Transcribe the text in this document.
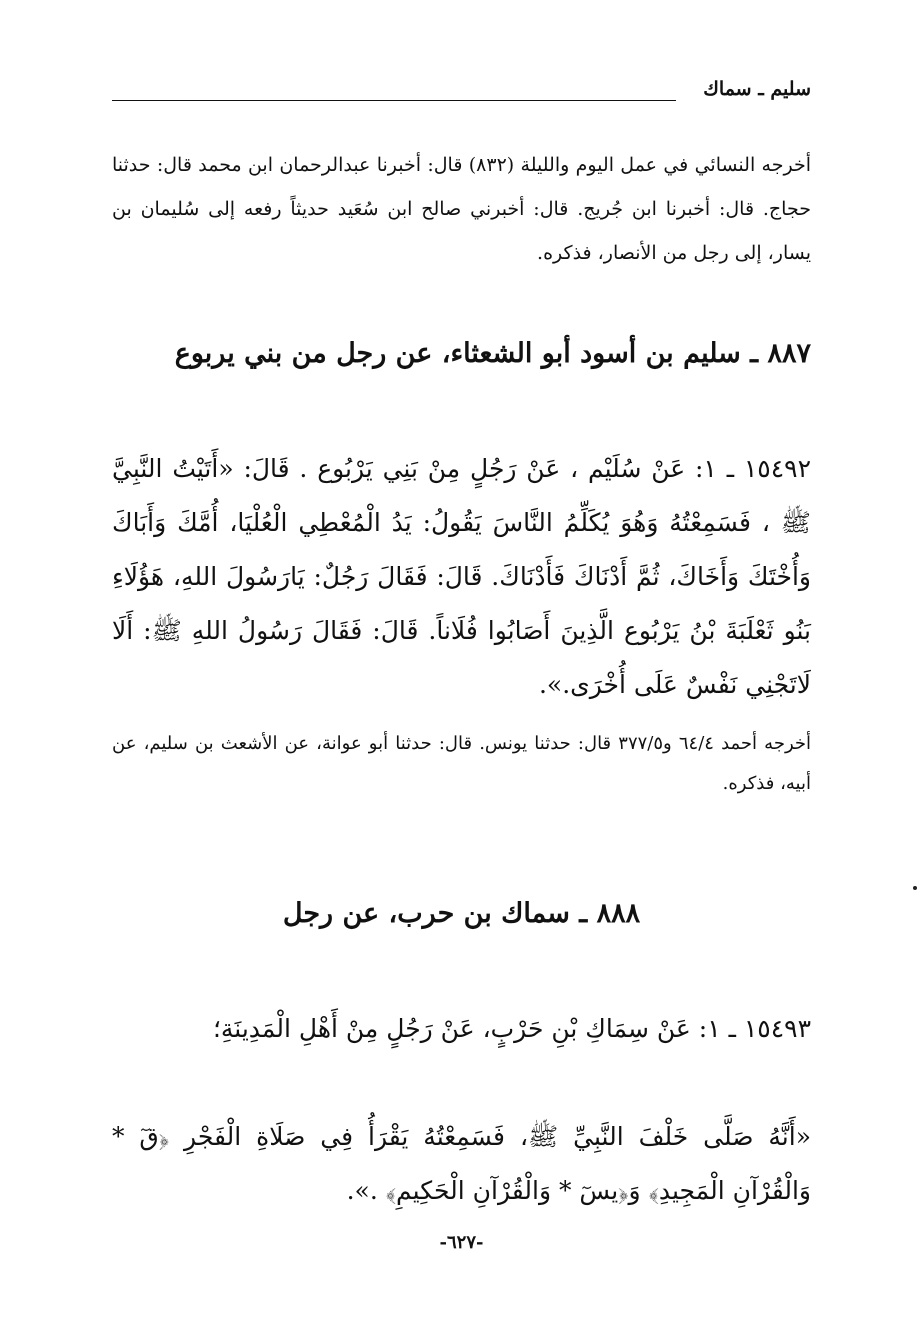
سليم ـ سماك
أخرجه النسائي في عمل اليوم والليلة (٨٣٢) قال: أخبرنا عبدالرحمان ابن محمد قال: حدثنا حجاج. قال: أخبرنا ابن جُريج. قال: أخبرني صالح ابن سُعَيد حديثاً رفعه إلى سُليمان بن يسار، إلى رجل من الأنصار، فذكره.
٨٨٧ ـ سليم بن أسود أبو الشعثاء، عن رجل من بني يربوع
١٥٤٩٢ ـ ١: عَنْ سُلَيْم ، عَنْ رَجُلٍ مِنْ بَنِي يَرْبُوع . قَالَ: «أَتَيْتُ النَّبِيَّ ﷺ ، فَسَمِعْتُهُ وَهُوَ يُكَلِّمُ النَّاسَ يَقُولُ: يَدُ الْمُعْطِي الْعُلْيَا، أُمَّكَ وَأَبَاكَ وَأُخْتَكَ وَأَخَاكَ، ثُمَّ أَدْنَاكَ فَأَدْنَاكَ. قَالَ: فَقَالَ رَجُلٌ: يَارَسُولَ اللهِ، هَؤُلَاءِ بَنُو ثَعْلَبَةَ بْنُ يَرْبُوع الَّذِينَ أَصَابُوا فُلَاناً. قَالَ: فَقَالَ رَسُولُ اللهِ ﷺ: أَلَا لَاتَجْنِي نَفْسٌ عَلَى أُخْرَى.».
أخرجه أحمد ٦٤/٤ و٣٧٧/٥ قال: حدثنا يونس. قال: حدثنا أبو عوانة، عن الأشعث بن سليم، عن أبيه، فذكره.
٨٨٨ ـ سماك بن حرب، عن رجل
١٥٤٩٣ ـ ١: عَنْ سِمَاكِ بْنِ حَرْبٍ، عَنْ رَجُلٍ مِنْ أَهْلِ الْمَدِينَةِ؛
«أَنَّهُ صَلَّى خَلْفَ النَّبِيِّ ﷺ، فَسَمِعْتُهُ يَقْرَأُ فِي صَلَاةِ الْفَجْرِ ﴿قٓ * وَالْقُرْآنِ الْمَجِيدِ﴾ وَ﴿يسٓ * وَالْقُرْآنِ الْحَكِيمِ﴾ .».
-٦٢٧-
